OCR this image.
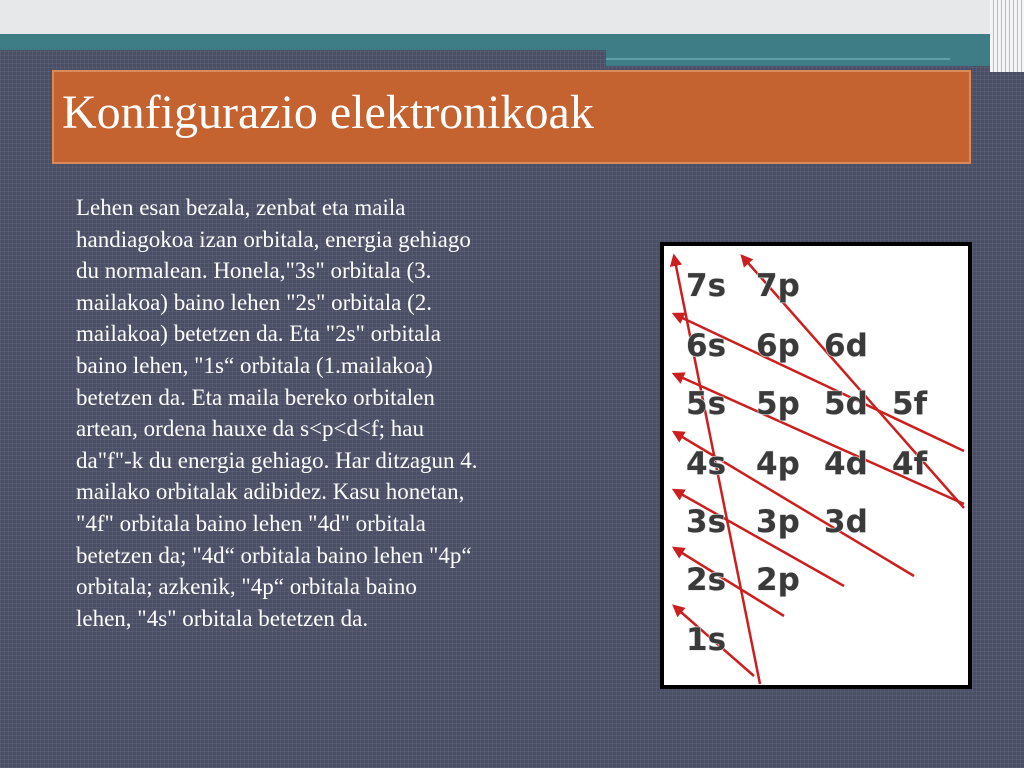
Konfigurazio elektronikoak
Lehen esan bezala, zenbat eta maila
handiagokoa izan orbitala, energia gehiago
du normalean. Honela,"3s" orbitala (3.
mailakoa) baino lehen "2s" orbitala (2.
mailakoa) betetzen da. Eta "2s" orbitala
baino lehen, "1s“ orbitala (1.mailakoa)
betetzen da. Eta maila bereko orbitalen
artean, ordena hauxe da s<p<d<f; hau
da"f"-k du energia gehiago. Har ditzagun 4.
mailako orbitalak adibidez. Kasu honetan,
"4f" orbitala baino lehen "4d" orbitala
betetzen da; "4d“ orbitala baino lehen "4p“
orbitala; azkenik, "4p“ orbitala baino
lehen, "4s" orbitala betetzen da.
7s 7p
6s 6p 6d
5s 5p 5d 5f
4s 4p 4d 4f
3s 3p 3d
2s 2p
1s
